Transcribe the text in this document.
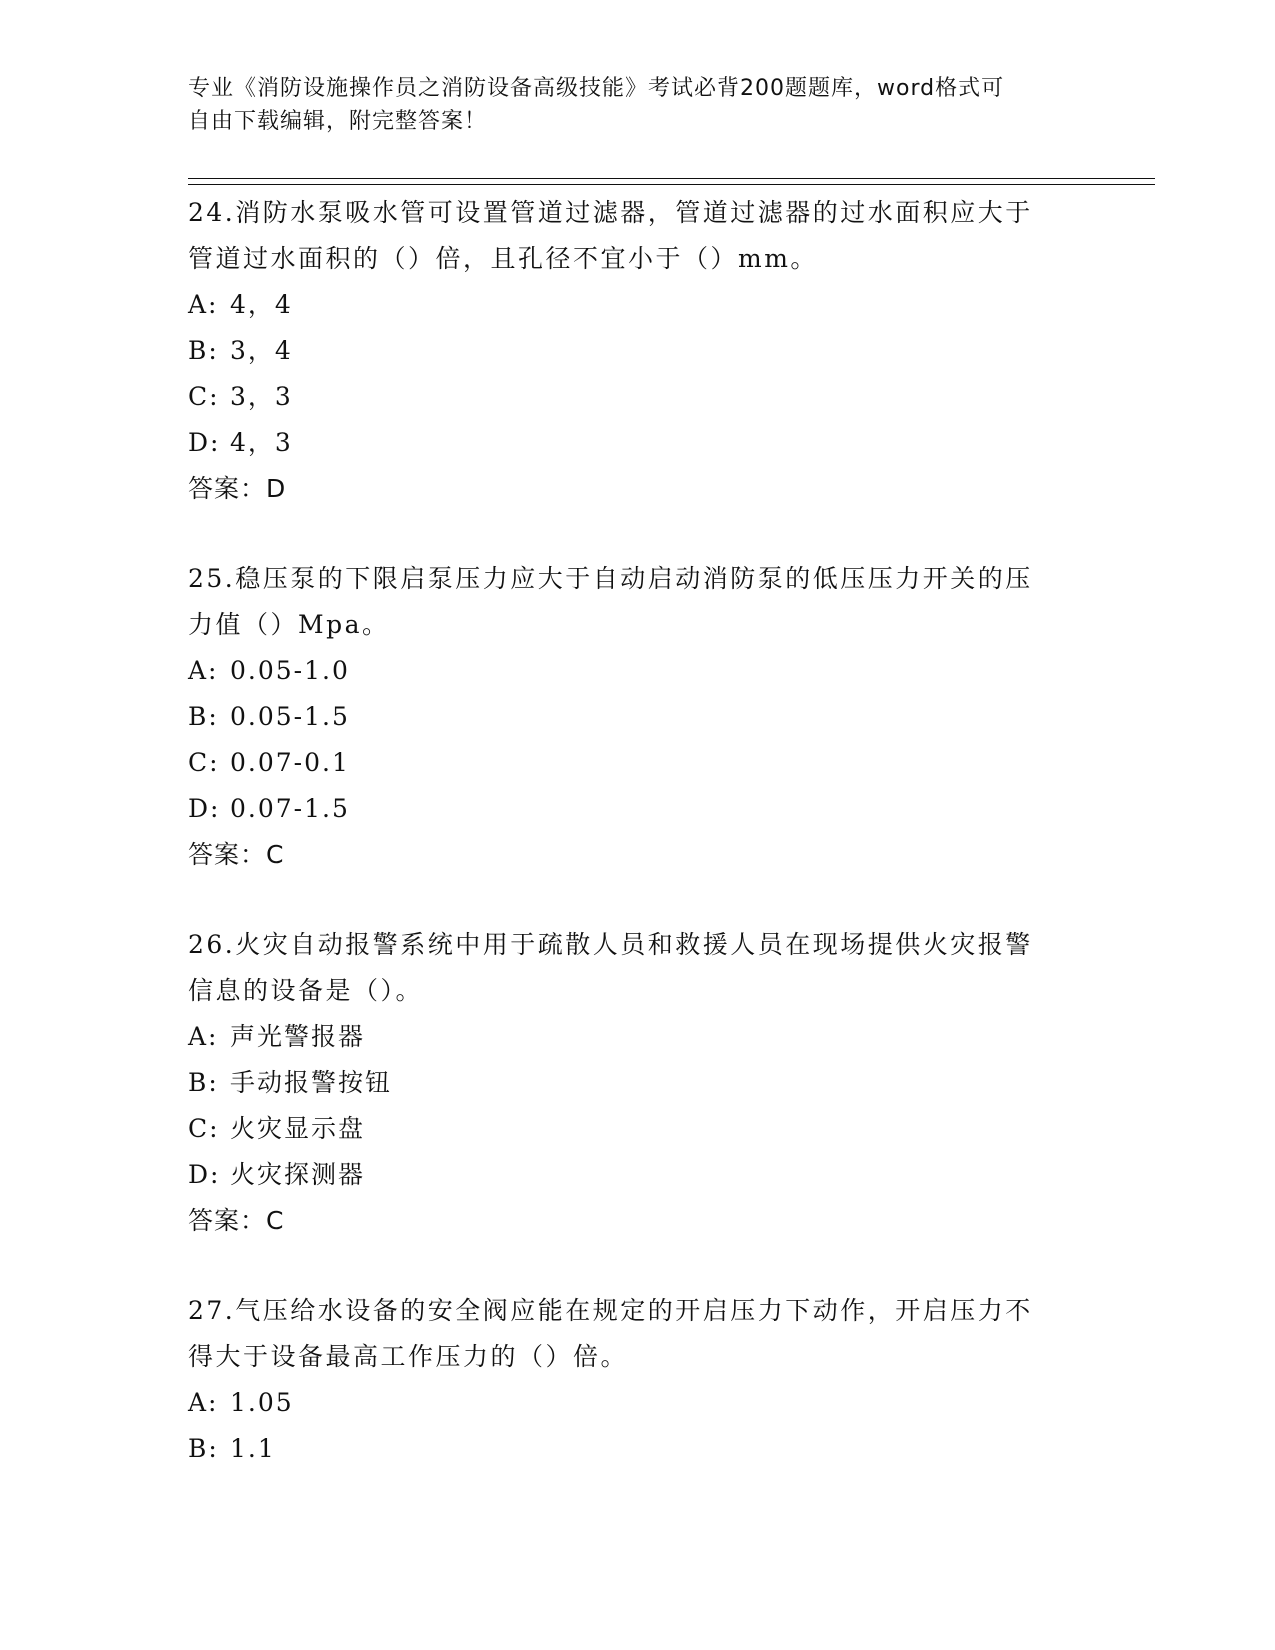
专业《消防设施操作员之消防设备高级技能》考试必背200题题库，word格式可
自由下载编辑，附完整答案！

24.消防水泵吸水管可设置管道过滤器，管道过滤器的过水面积应大于

管道过水面积的（）倍，且孔径不宜小于（）mm。

A: 4，4

B: 3，4

C: 3，3

D: 4，3

答案：D

25.稳压泵的下限启泵压力应大于自动启动消防泵的低压压力开关的压

力值（）Mpa。

A: 0.05-1.0

B: 0.05-1.5

C: 0.07-0.1

D: 0.07-1.5

答案：C

26.火灾自动报警系统中用于疏散人员和救援人员在现场提供火灾报警

信息的设备是（）。

A: 声光警报器

B: 手动报警按钮

C: 火灾显示盘

D: 火灾探测器

答案：C

27.气压给水设备的安全阀应能在规定的开启压力下动作，开启压力不

得大于设备最高工作压力的（）倍。

A: 1.05

B: 1.1
